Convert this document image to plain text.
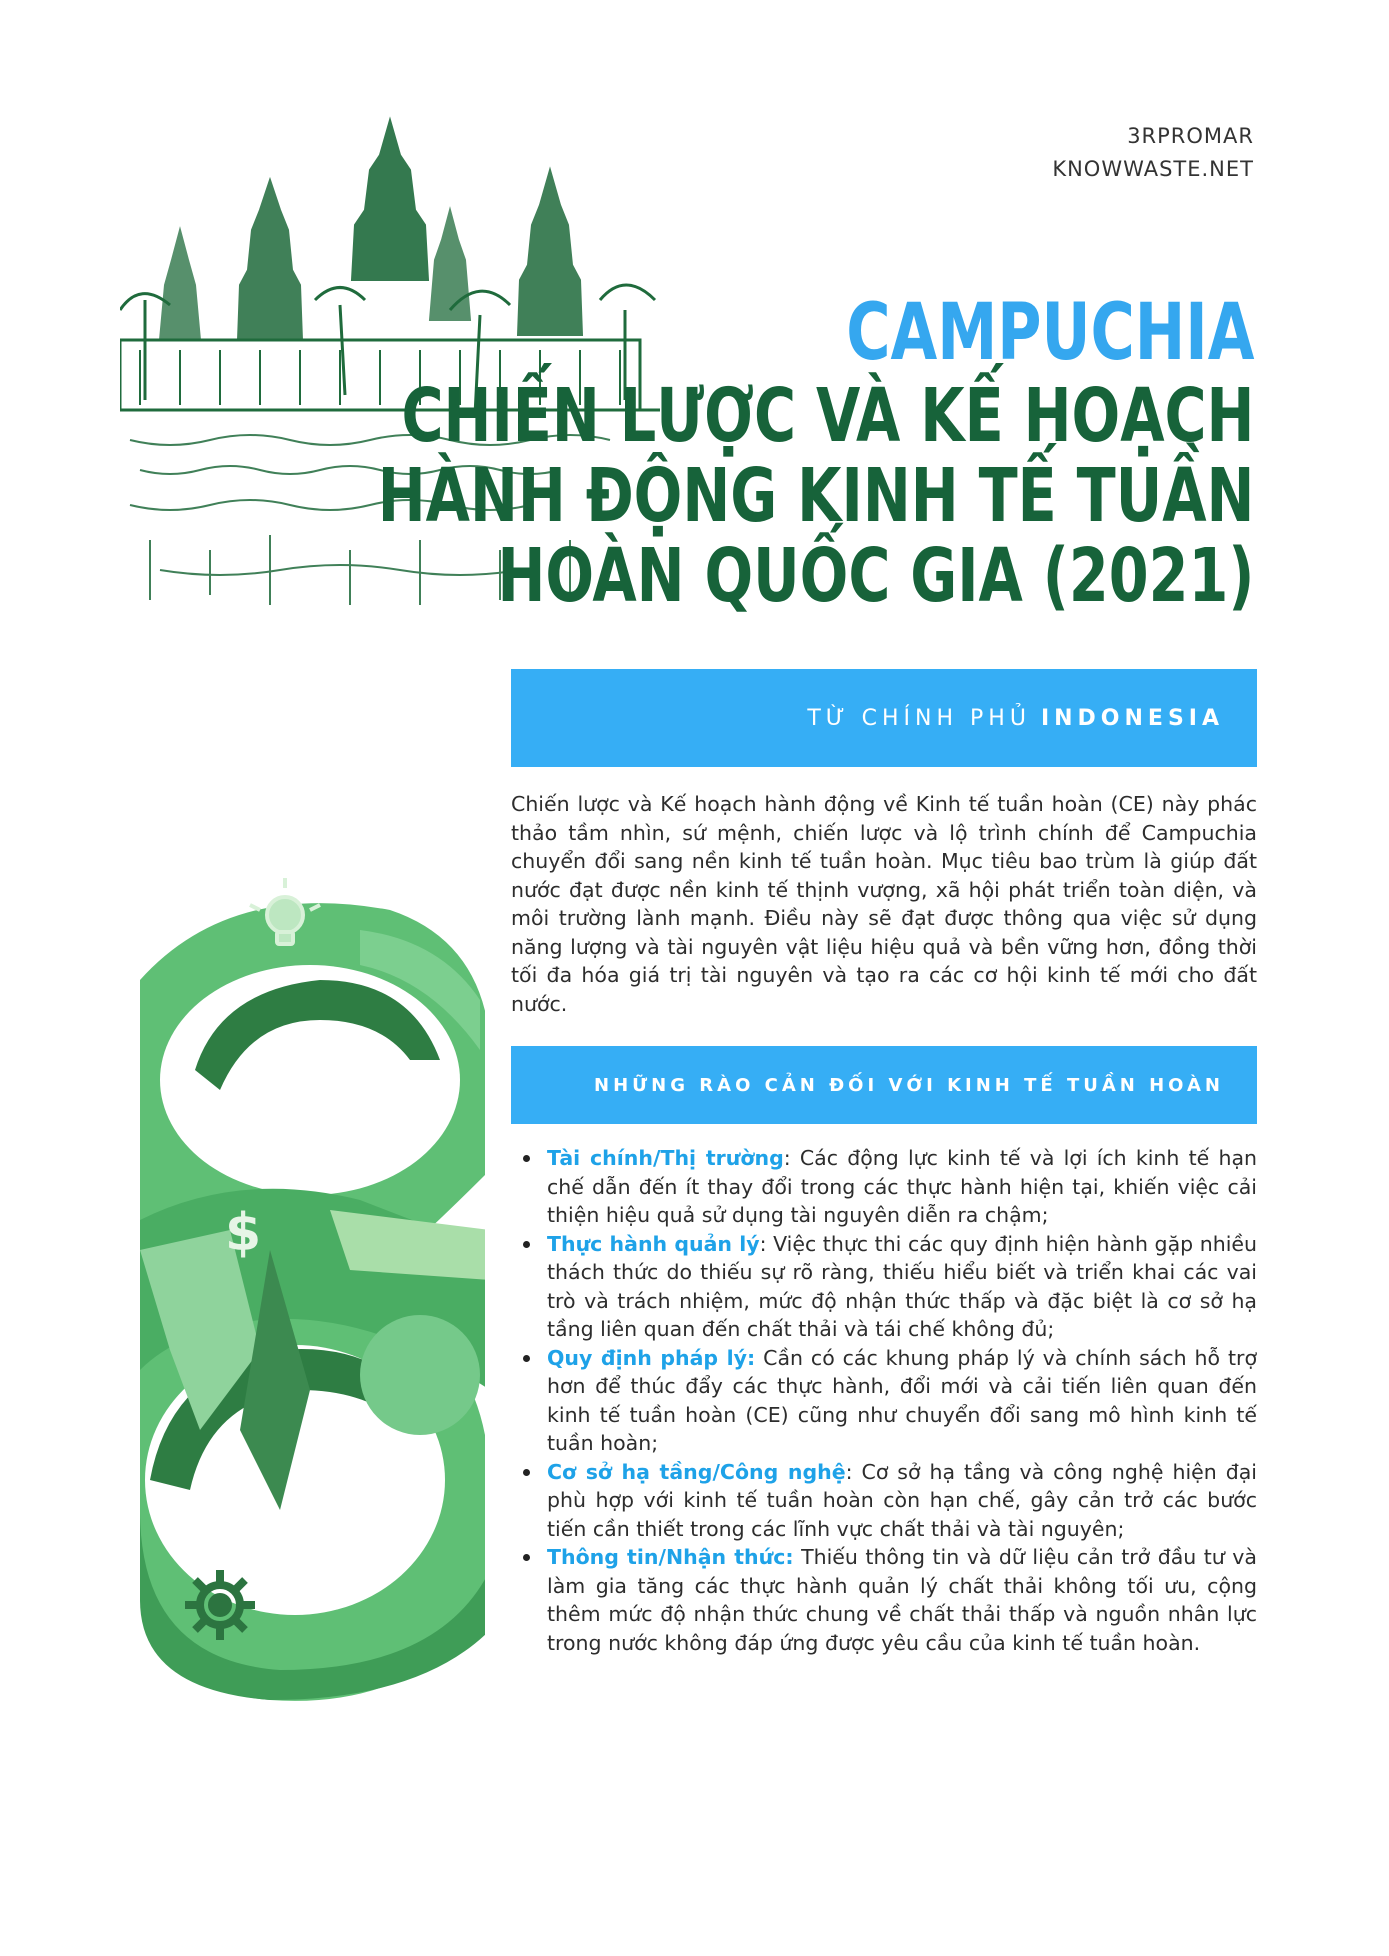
3RPROMAR
KNOWWASTE.NET
CAMPUCHIA
CHIẾN LƯỢC VÀ KẾ HOẠCH
HÀNH ĐỘNG KINH TẾ TUẦN
HOÀN QUỐC GIA (2021)
TỪ CHÍNH PHỦ INDONESIA
Chiến lược và Kế hoạch hành động về Kinh tế tuần hoàn (CE) này phác thảo tầm nhìn, sứ mệnh, chiến lược và lộ trình chính để Campuchia chuyển đổi sang nền kinh tế tuần hoàn. Mục tiêu bao trùm là giúp đất nước đạt được nền kinh tế thịnh vượng, xã hội phát triển toàn diện, và môi trường lành mạnh. Điều này sẽ đạt được thông qua việc sử dụng năng lượng và tài nguyên vật liệu hiệu quả và bền vững hơn, đồng thời tối đa hóa giá trị tài nguyên và tạo ra các cơ hội kinh tế mới cho đất nước.
NHỮNG RÀO CẢN ĐỐI VỚI KINH TẾ TUẦN HOÀN
Tài chính/Thị trường: Các động lực kinh tế và lợi ích kinh tế hạn chế dẫn đến ít thay đổi trong các thực hành hiện tại, khiến việc cải thiện hiệu quả sử dụng tài nguyên diễn ra chậm;
Thực hành quản lý: Việc thực thi các quy định hiện hành gặp nhiều thách thức do thiếu sự rõ ràng, thiếu hiểu biết và triển khai các vai trò và trách nhiệm, mức độ nhận thức thấp và đặc biệt là cơ sở hạ tầng liên quan đến chất thải và tái chế không đủ;
Quy định pháp lý: Cần có các khung pháp lý và chính sách hỗ trợ hơn để thúc đẩy các thực hành, đổi mới và cải tiến liên quan đến kinh tế tuần hoàn (CE) cũng như chuyển đổi sang mô hình kinh tế tuần hoàn;
Cơ sở hạ tầng/Công nghệ: Cơ sở hạ tầng và công nghệ hiện đại phù hợp với kinh tế tuần hoàn còn hạn chế, gây cản trở các bước tiến cần thiết trong các lĩnh vực chất thải và tài nguyên;
Thông tin/Nhận thức: Thiếu thông tin và dữ liệu cản trở đầu tư và làm gia tăng các thực hành quản lý chất thải không tối ưu, cộng thêm mức độ nhận thức chung về chất thải thấp và nguồn nhân lực trong nước không đáp ứng được yêu cầu của kinh tế tuần hoàn.
$
